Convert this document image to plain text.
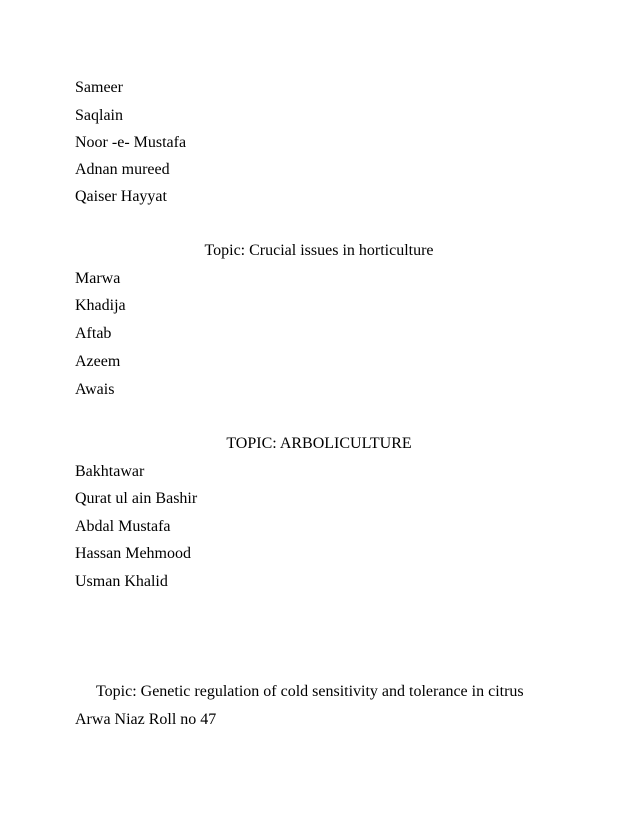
Sameer
Saqlain
Noor -e- Mustafa
Adnan mureed
Qaiser Hayyat
Topic: Crucial issues in horticulture
Marwa
Khadija
Aftab
Azeem
Awais
TOPIC: ARBOLICULTURE
Bakhtawar
Qurat ul ain Bashir
Abdal Mustafa
Hassan Mehmood
Usman Khalid
Topic: Genetic regulation of cold sensitivity and tolerance in citrus
Arwa Niaz Roll no 47
